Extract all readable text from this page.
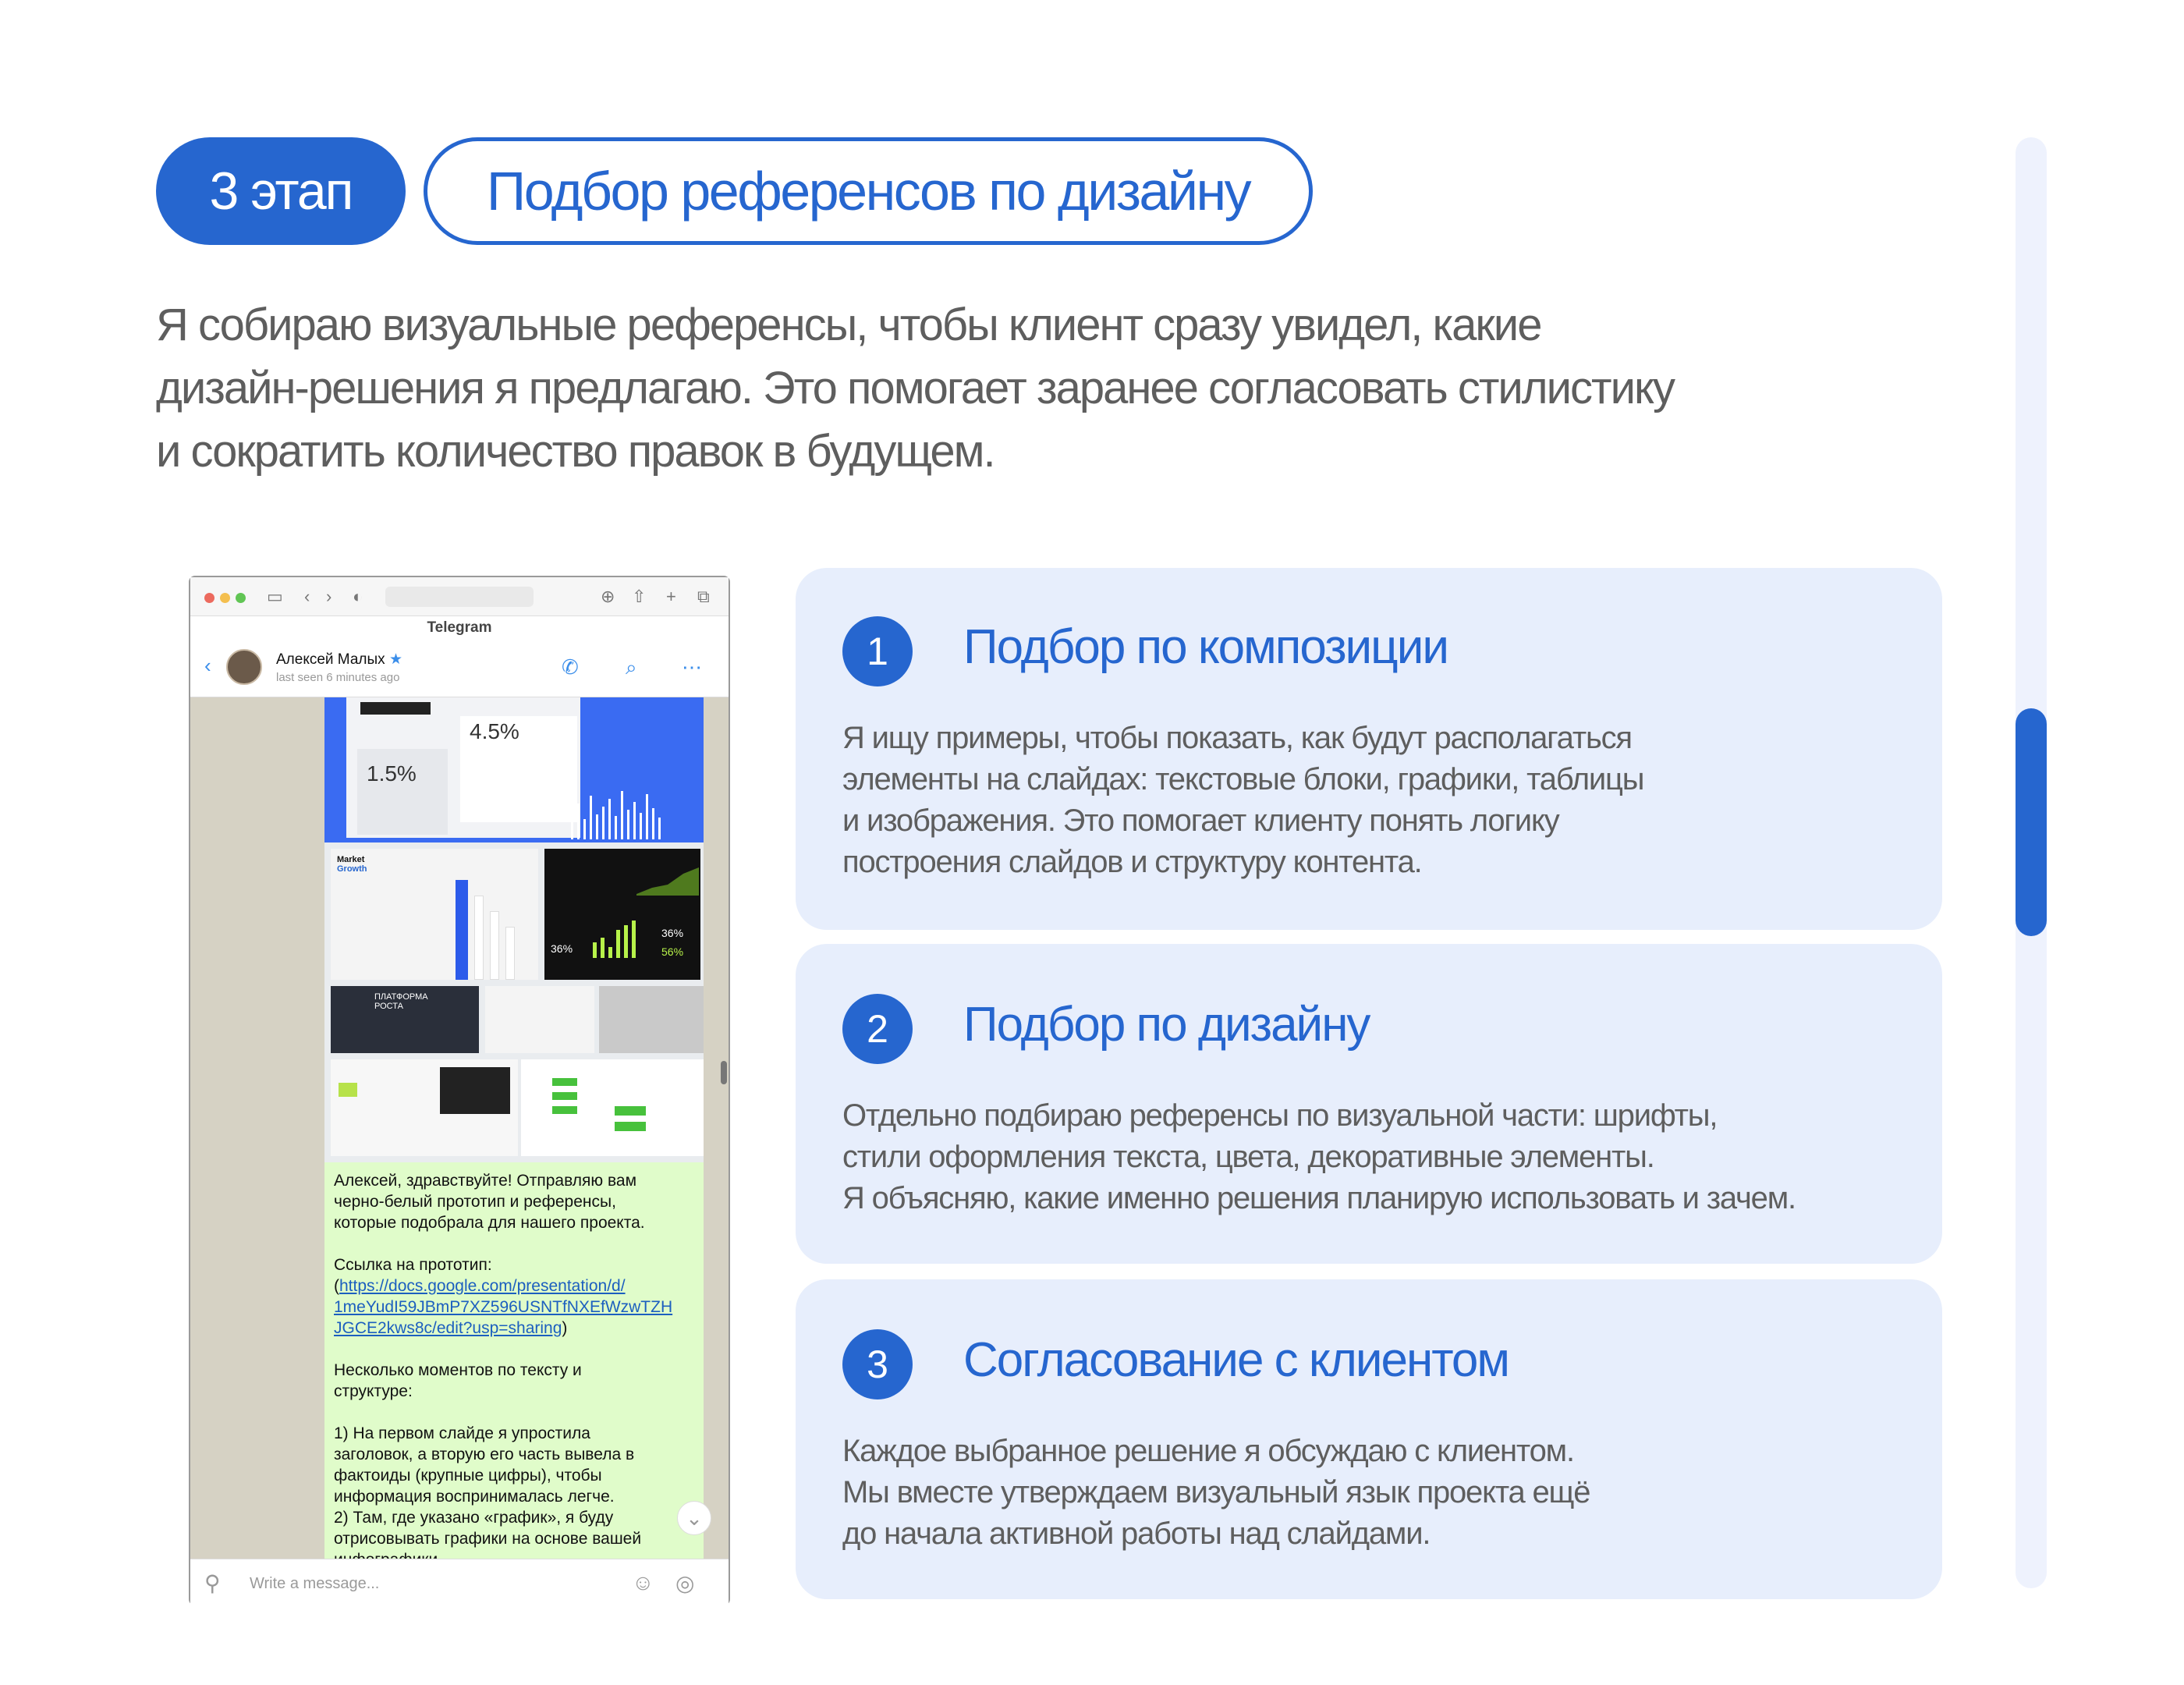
3 этап	Подбор референсов по дизайну

Я собираю визуальные референсы, чтобы клиент сразу увидел, какие дизайн-решения я предлагаю. Это помогает заранее согласовать стилистику и сократить количество правок в будущем.

▭ ‹ › ◐	⊕ ⇧ + ⧉
Telegram
‹	Алексей Малых ★
last seen 6 minutes ago	✆ ⌕ ⋯
4.5%
1.5%
Market
Growth
36%
36%
56%
ПЛАТФОРМА
РОСТА
Алексей, здравствуйте! Отправляю вам
черно-белый прототип и референсы,
которые подобрала для нашего проекта.

Ссылка на прототип:
(https://docs.google.com/presentation/d/
1meYudI59JBmP7XZ596USNTfNXEfWzwTZH
JGCE2kws8c/edit?usp=sharing)

Несколько моментов по тексту и
структуре:

1) На первом слайде я упростила
заголовок, а вторую его часть вывела в
фактоиды (крупные цифры), чтобы
информация воспринималась легче.
2) Там, где указано «график», я буду
отрисовывать графики на основе вашей

⌄
⚲ Write a message...	☺ ◎
1	Подбор по композиции
Я ищу примеры, чтобы показать, как будут располагаться
элементы на слайдах: текстовые блоки, графики, таблицы
и изображения. Это помогает клиенту понять логику
построения слайдов и структуру контента.
2	Подбор по дизайну
Отдельно подбираю референсы по визуальной части: шрифты,
стили оформления текста, цвета, декоративные элементы.
Я объясняю, какие именно решения планирую использовать и зачем.
3	Согласование с клиентом
Каждое выбранное решение я обсуждаю с клиентом.
Мы вместе утверждаем визуальный язык проекта ещё
до начала активной работы над слайдами.
